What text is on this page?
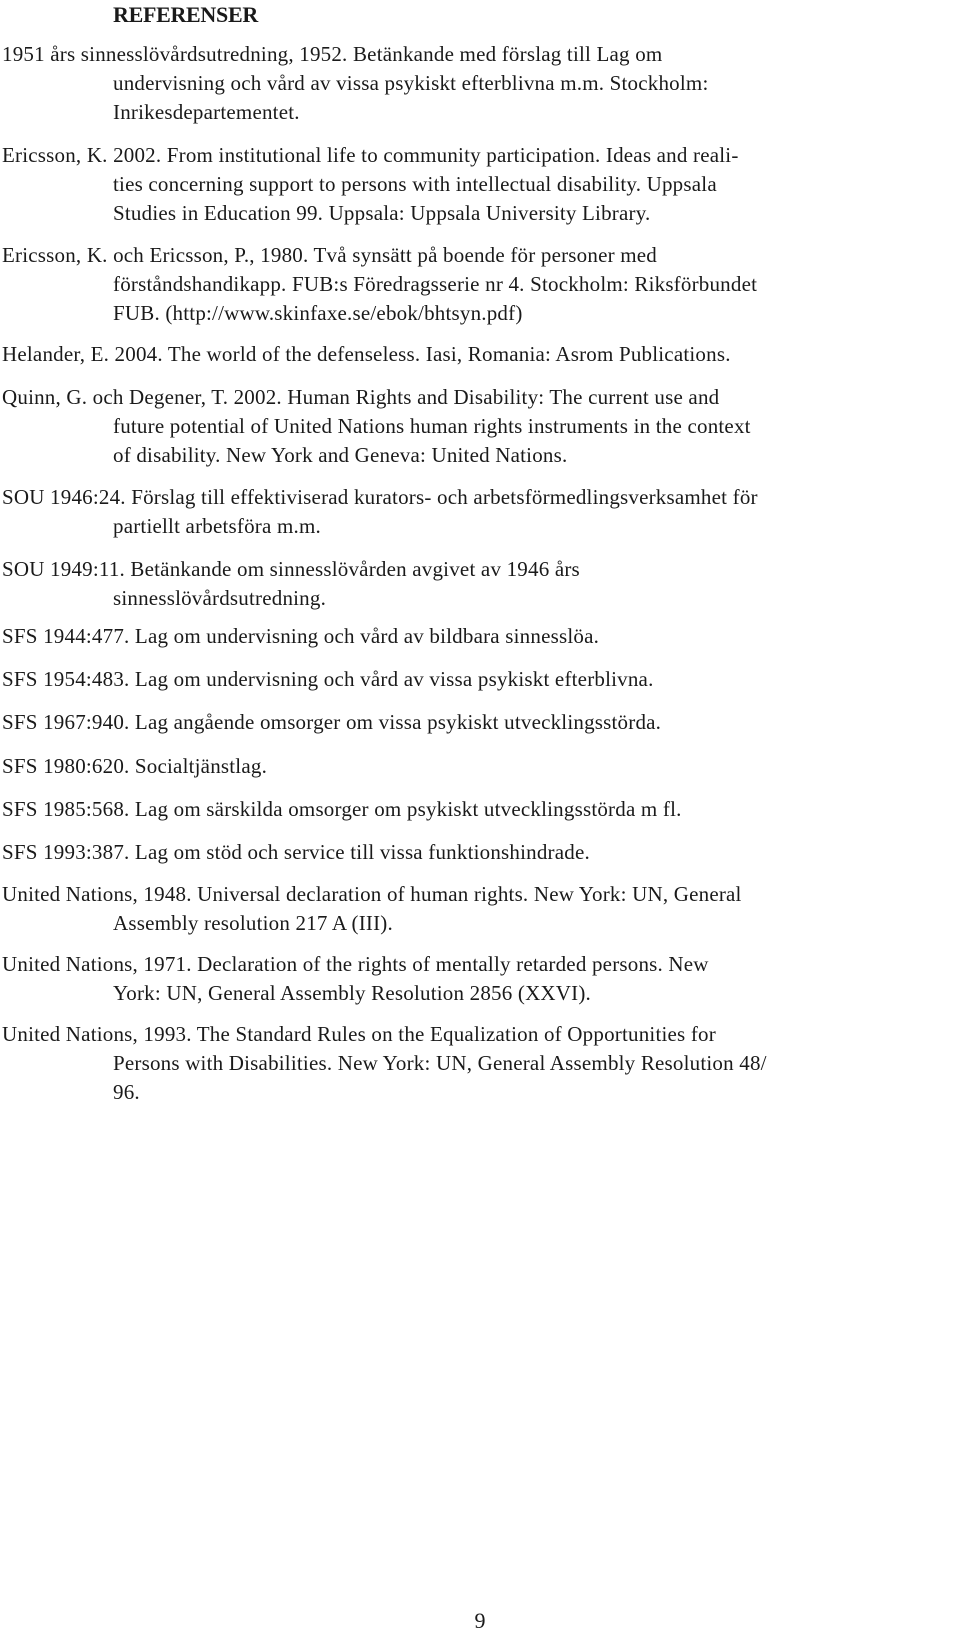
REFERENSER
1951 års sinnesslövårdsutredning, 1952. Betänkande med förslag till Lag om
undervisning och vård av vissa psykiskt efterblivna m.m. Stockholm:
Inrikesdepartementet.
Ericsson, K. 2002. From institutional life to community participation. Ideas and reali-
ties concerning support to persons with intellectual disability. Uppsala
Studies in Education 99. Uppsala: Uppsala University Library.
Ericsson, K. och Ericsson, P., 1980. Två synsätt på boende för personer med
förståndshandikapp. FUB:s Föredragsserie nr 4. Stockholm: Riksförbundet
FUB. (http://www.skinfaxe.se/ebok/bhtsyn.pdf)
Helander, E. 2004. The world of the defenseless. Iasi, Romania: Asrom Publications.
Quinn, G. och Degener, T. 2002. Human Rights and Disability: The current use and
future potential of United Nations human rights instruments in the context
of disability. New York and Geneva: United Nations.
SOU 1946:24. Förslag till effektiviserad kurators- och arbetsförmedlingsverksamhet för
partiellt arbetsföra m.m.
SOU 1949:11. Betänkande om sinnesslövården avgivet av 1946 års
sinnesslövårdsutredning.
SFS 1944:477. Lag om undervisning och vård av bildbara sinnesslöa.
SFS 1954:483. Lag om undervisning och vård av vissa psykiskt efterblivna.
SFS 1967:940. Lag angående omsorger om vissa psykiskt utvecklingsstörda.
SFS 1980:620. Socialtjänstlag.
SFS 1985:568. Lag om särskilda omsorger om psykiskt utvecklingsstörda m fl.
SFS 1993:387. Lag om stöd och service till vissa funktionshindrade.
United Nations, 1948. Universal declaration of human rights. New York: UN, General
Assembly resolution 217 A (III).
United Nations, 1971. Declaration of the rights of mentally retarded persons. New
York: UN, General Assembly Resolution 2856 (XXVI).
United Nations, 1993. The Standard Rules on the Equalization of Opportunities for
Persons with Disabilities. New York: UN, General Assembly Resolution 48/
96.
9
